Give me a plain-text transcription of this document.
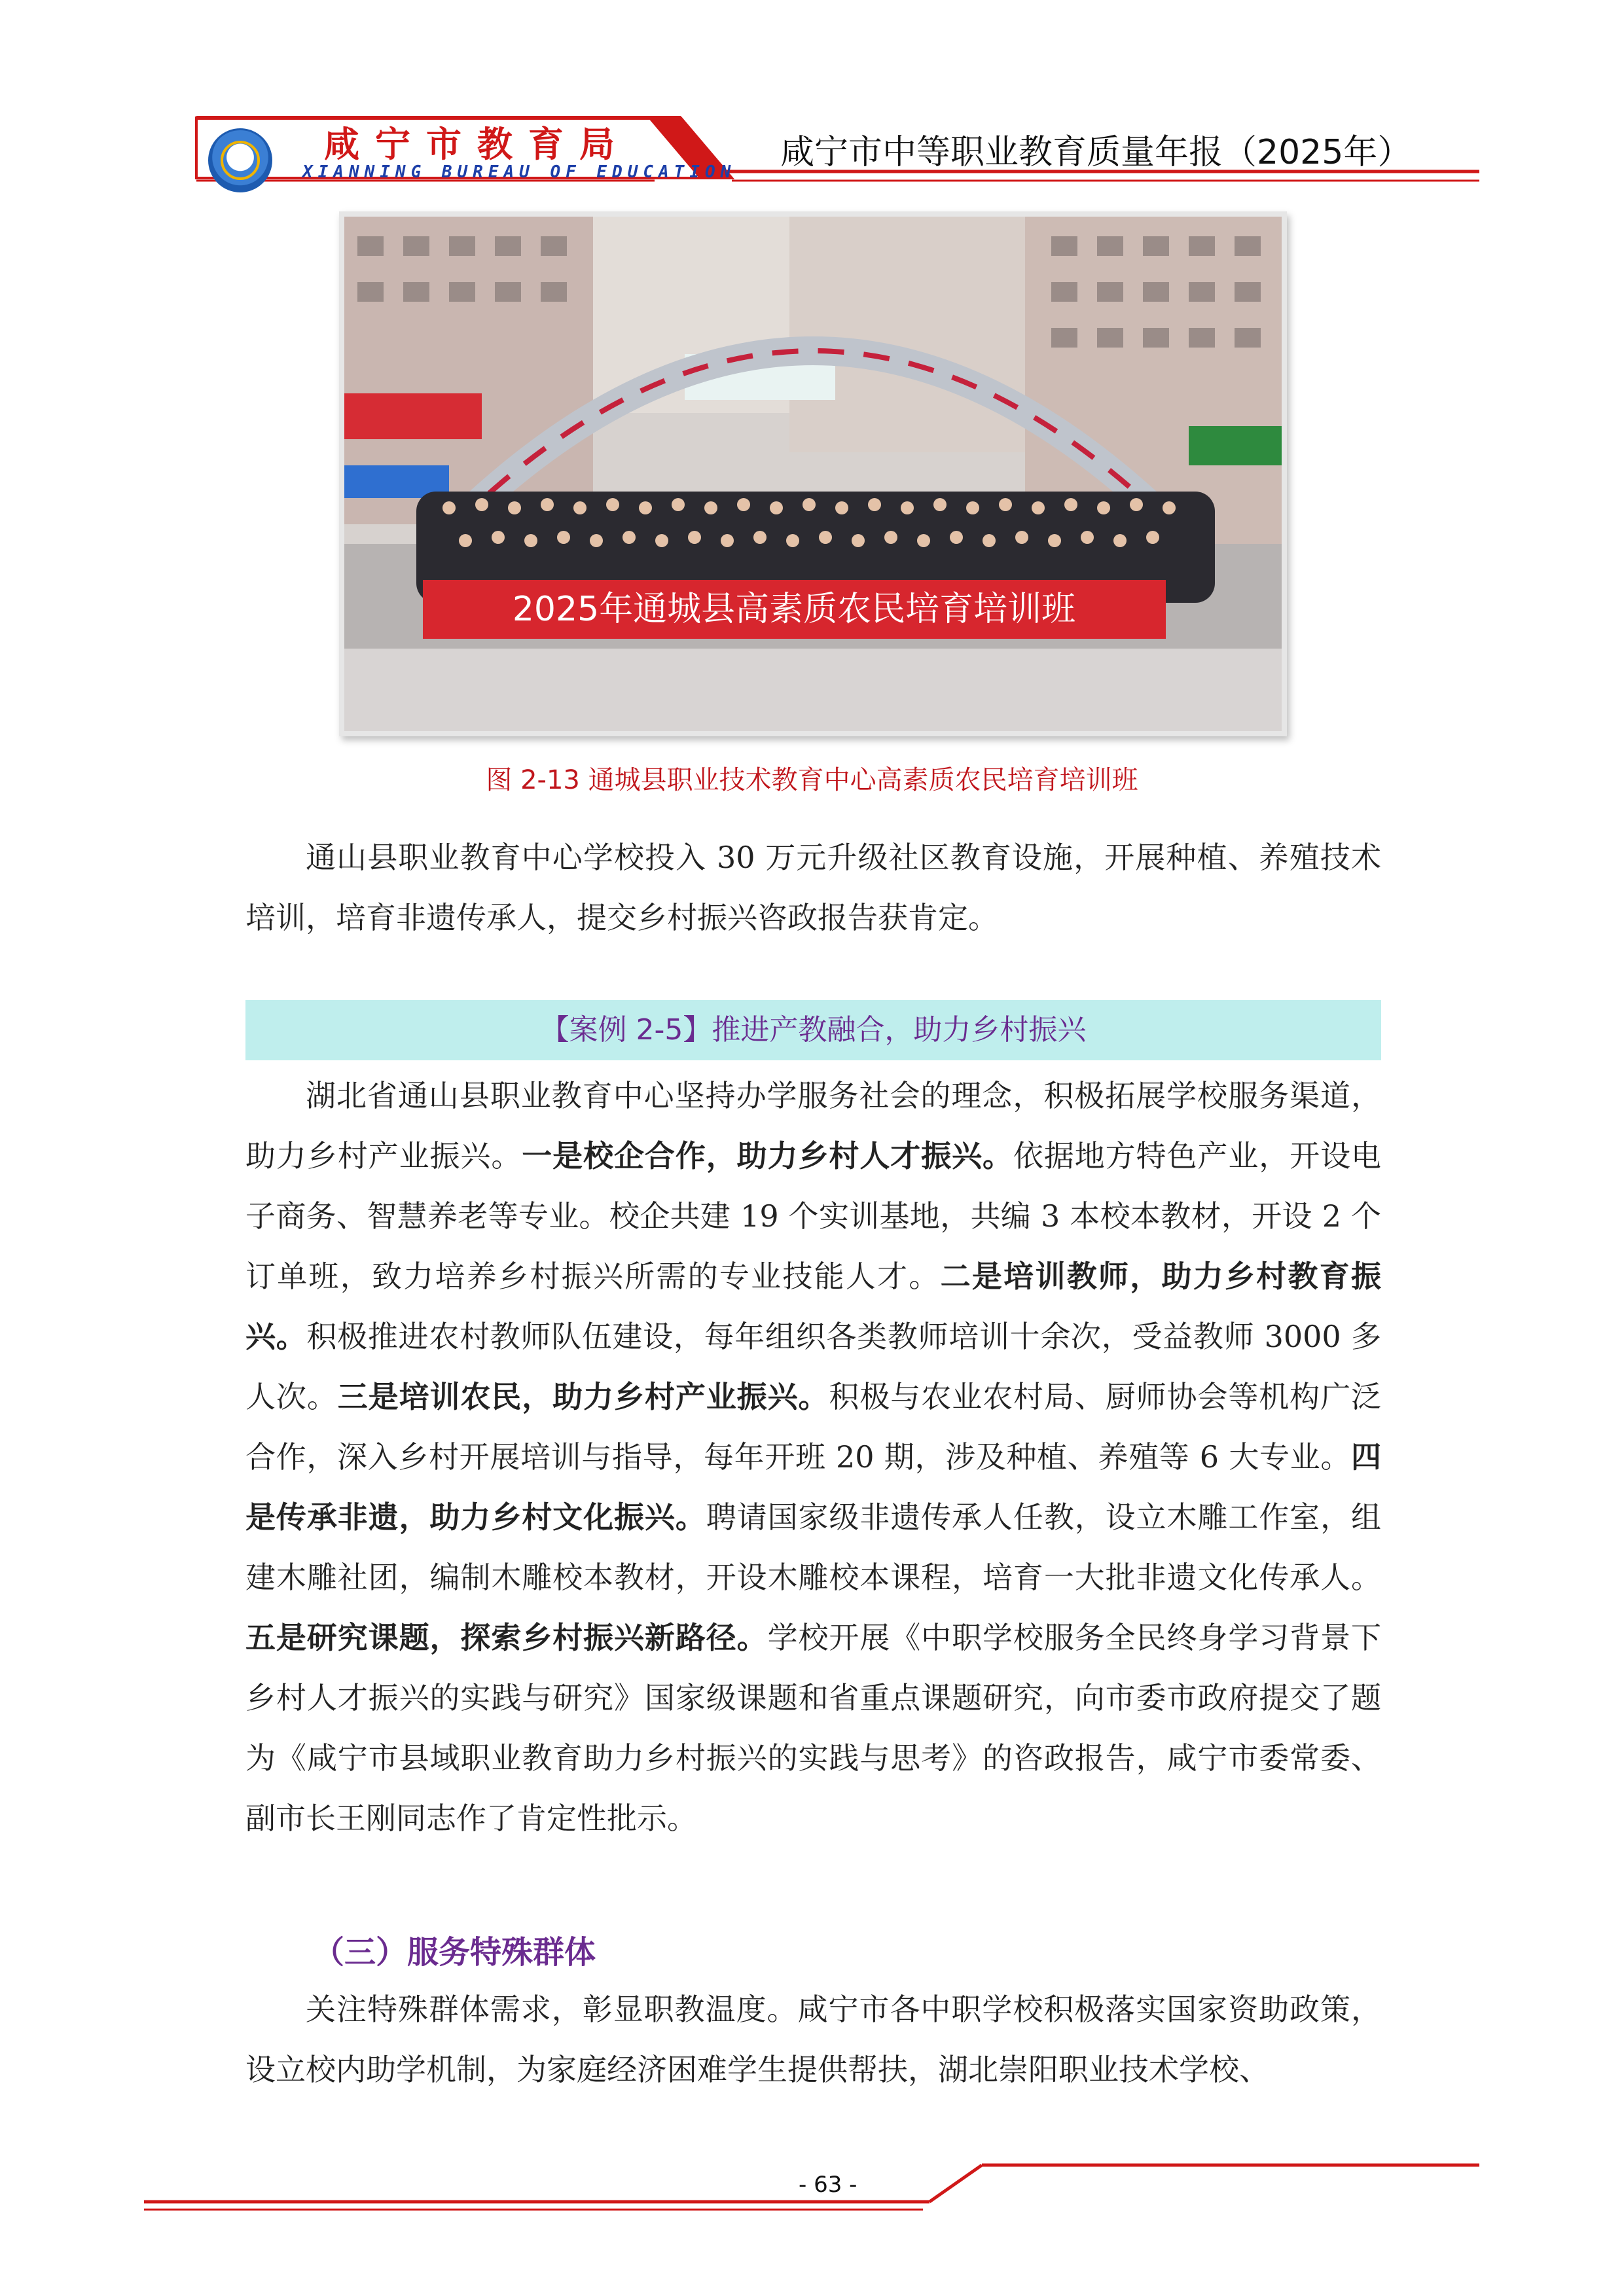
咸宁市教育局
XIANNING BUREAU OF EDUCATION 咸宁市中等职业教育质量年报（2025年）
2025年通城县高素质农民培育培训班
图 2-13 通城县职业技术教育中心高素质农民培育培训班

通山县职业教育中心学校投入 30 万元升级社区教育设施，开展种植、养殖技术培训，培育非遗传承人，提交乡村振兴咨政报告获肯定。

【案例 2-5】推进产教融合，助力乡村振兴

湖北省通山县职业教育中心坚持办学服务社会的理念，积极拓展学校服务渠道，助力乡村产业振兴。一是校企合作，助力乡村人才振兴。依据地方特色产业，开设电子商务、智慧养老等专业。校企共建 19 个实训基地，共编 3 本校本教材，开设 2 个订单班，致力培养乡村振兴所需的专业技能人才。二是培训教师，助力乡村教育振兴。积极推进农村教师队伍建设，每年组织各类教师培训十余次，受益教师 3000 多人次。三是培训农民，助力乡村产业振兴。积极与农业农村局、厨师协会等机构广泛合作，深入乡村开展培训与指导，每年开班 20 期，涉及种植、养殖等 6 大专业。四是传承非遗，助力乡村文化振兴。聘请国家级非遗传承人任教，设立木雕工作室，组建木雕社团，编制木雕校本教材，开设木雕校本课程，培育一大批非遗文化传承人。五是研究课题，探索乡村振兴新路径。学校开展《中职学校服务全民终身学习背景下乡村人才振兴的实践与研究》国家级课题和省重点课题研究，向市委市政府提交了题为《咸宁市县域职业教育助力乡村振兴的实践与思考》的咨政报告，咸宁市委常委、副市长王刚同志作了肯定性批示。

（三）服务特殊群体

关注特殊群体需求，彰显职教温度。咸宁市各中职学校积极落实国家资助政策，设立校内助学机制，为家庭经济困难学生提供帮扶，湖北崇阳职业技术学校、

- 63 -
